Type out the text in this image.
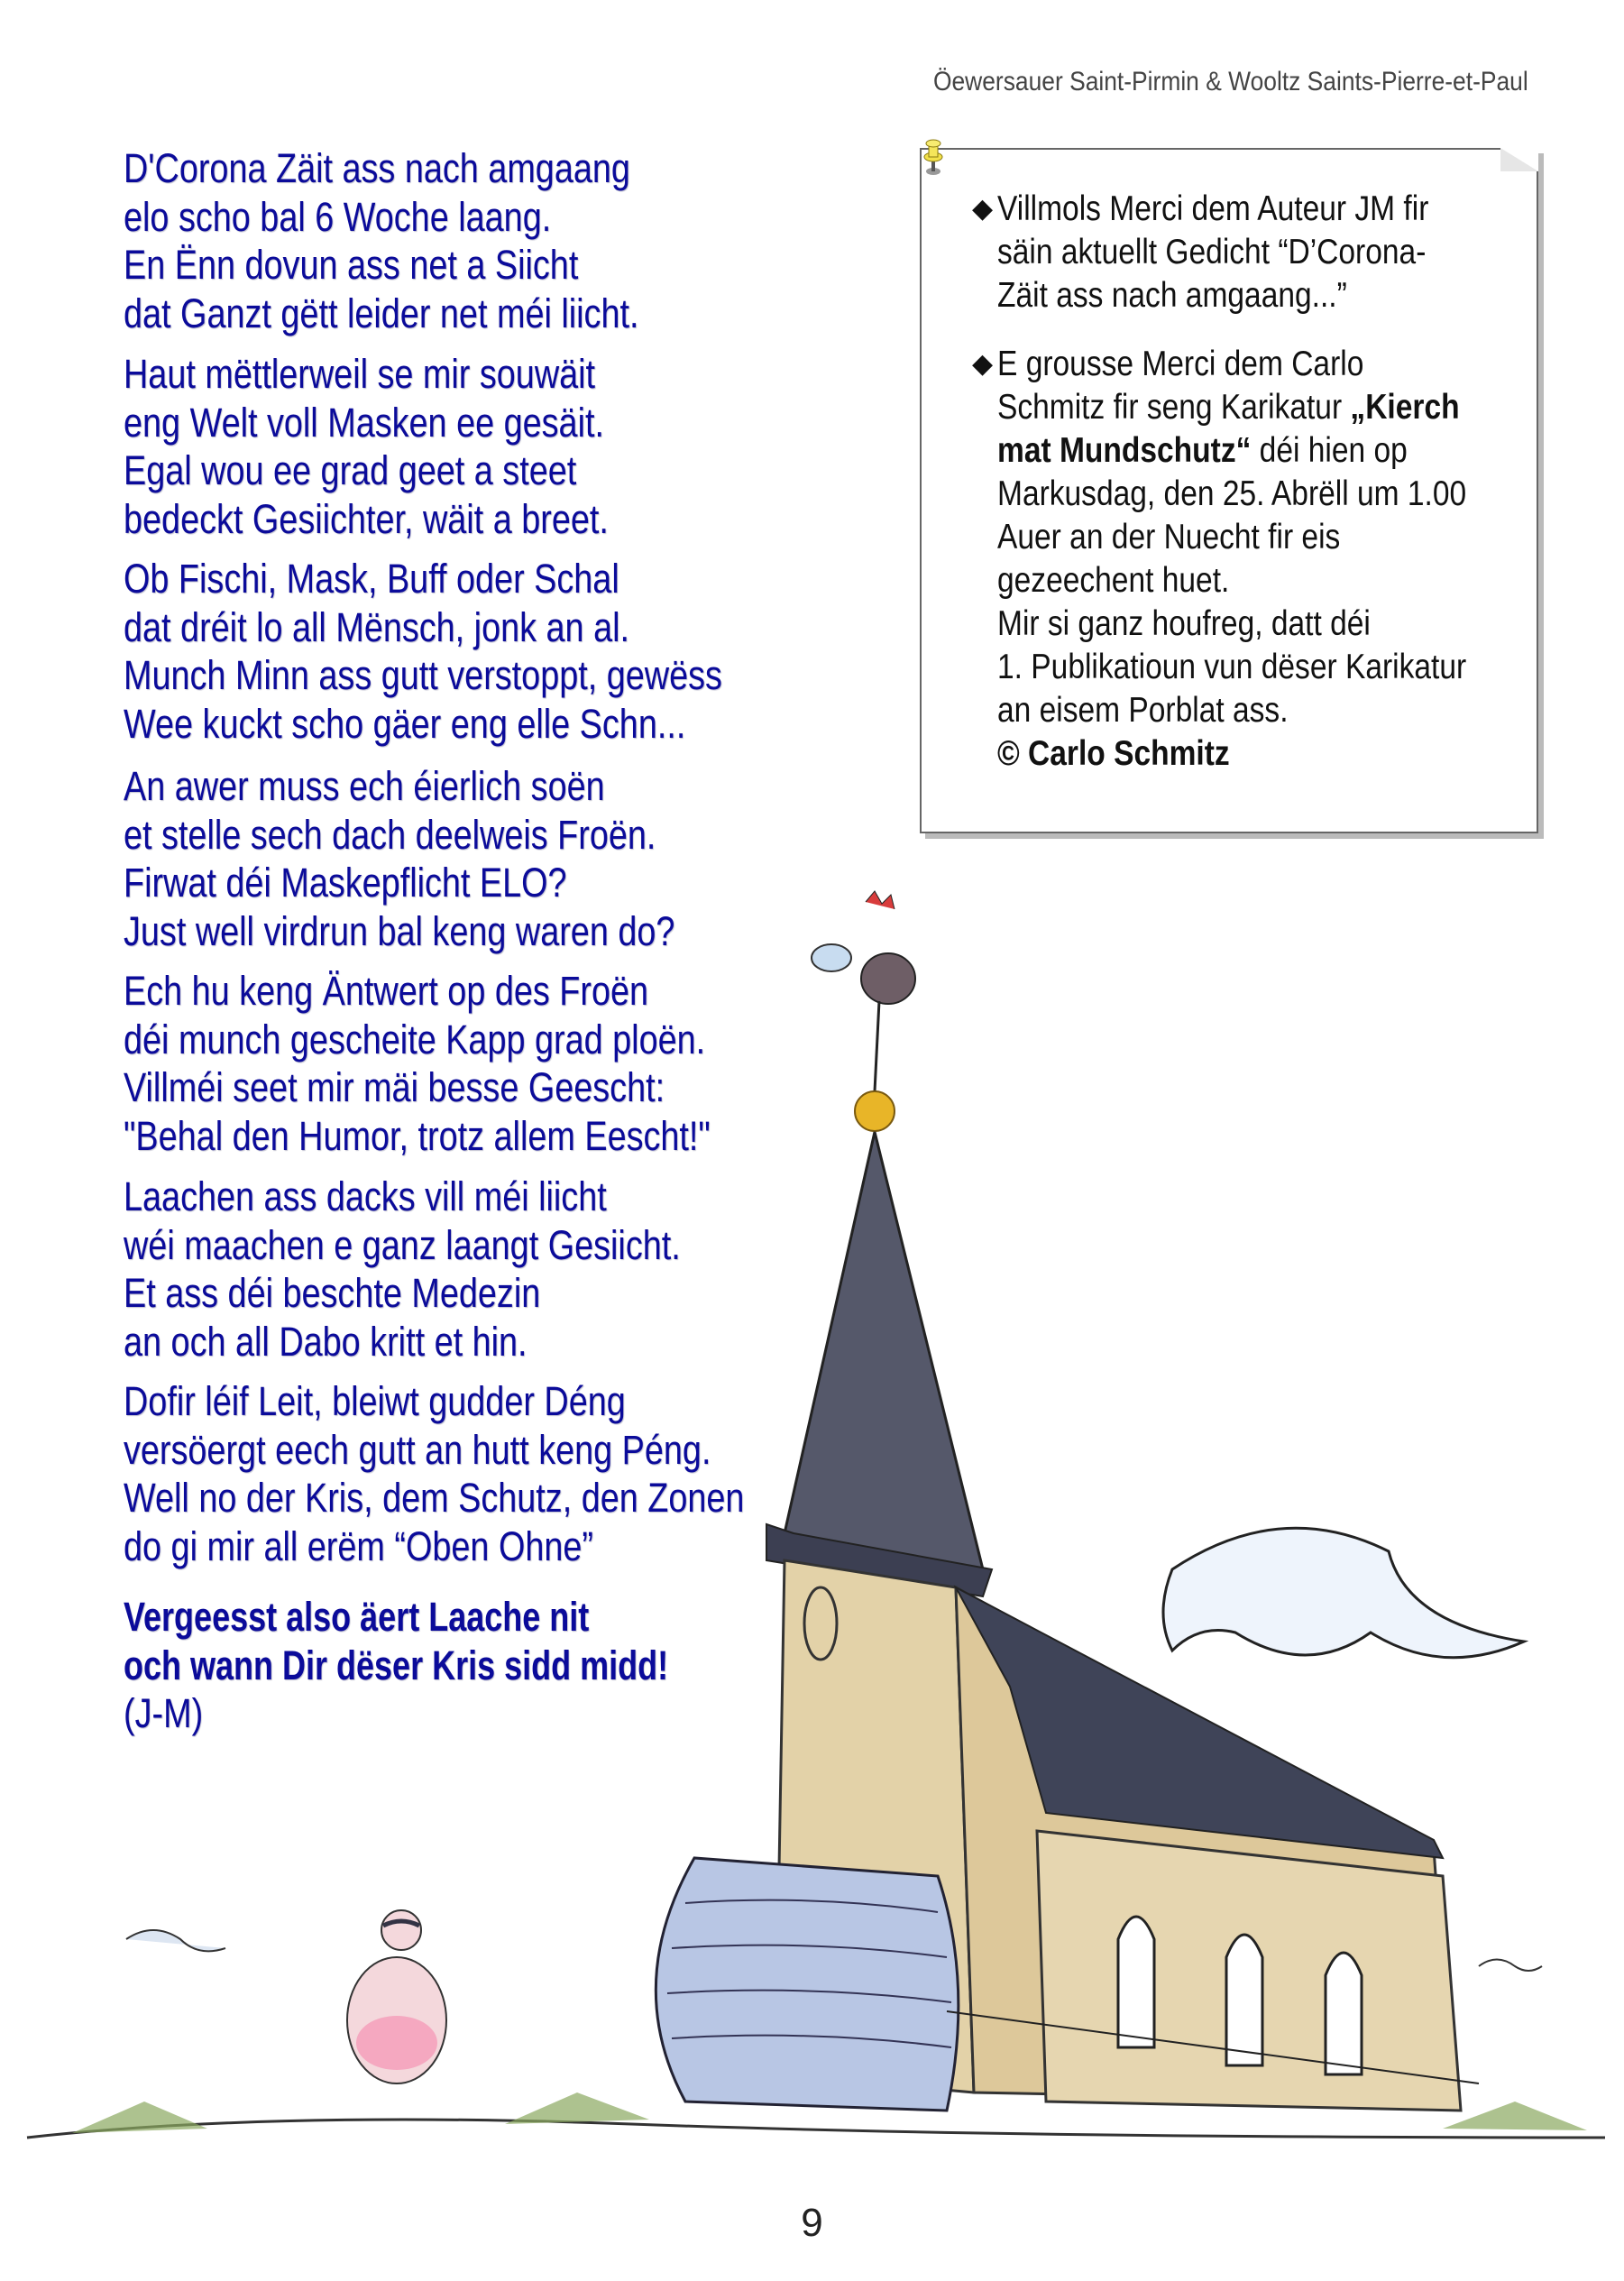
Öewersauer Saint-Pirmin & Wooltz Saints-Pierre-et-Paul
D'Corona Zäit ass nach amgaang
elo scho bal 6 Woche laang.
En Ënn dovun ass net a Siicht
dat Ganzt gëtt leider net méi liicht.
Haut mëttlerweil se mir souwäit
eng Welt voll Masken ee gesäit.
Egal wou ee grad geet a steet
bedeckt Gesiichter, wäit a breet.
Ob Fischi, Mask, Buff oder Schal
dat dréit lo all Mënsch, jonk an al.
Munch Minn ass gutt verstoppt, gewëss
Wee kuckt scho gäer eng elle Schn...
An awer muss ech éierlich soën
et stelle sech dach deelweis Froën.
Firwat déi Maskepflicht ELO?
Just well virdrun bal keng waren do?
Ech hu keng Äntwert op des Froën
déi munch gescheite Kapp grad ploën.
Villméi seet mir mäi besse Geescht:
"Behal den Humor, trotz allem Eescht!"
Laachen ass dacks vill méi liicht
wéi maachen e ganz laangt Gesiicht.
Et ass déi beschte Medezin
an och all Dabo kritt et hin.
Dofir léif Leit, bleiwt gudder Déng
versöergt eech gutt an hutt keng Péng.
Well no der Kris, dem Schutz, den Zonen
do gi mir all erëm “Oben Ohne”
Vergeesst also äert Laache nit
och wann Dir dëser Kris sidd midd!
(J-M)
◆ Villmols Merci dem Auteur JM fir
säin aktuellt Gedicht “D’Corona-
Zäit ass nach amgaang...”
◆ E grousse Merci dem Carlo
Schmitz fir seng Karikatur „Kierch
mat Mundschutz“ déi hien op
Markusdag, den 25. Abrëll um 1.00
Auer an der Nuecht fir eis
gezeechent huet.
Mir si ganz houfreg, datt déi
1. Publikatioun vun dëser Karikatur
an eisem Porblat ass.
© Carlo Schmitz
9
